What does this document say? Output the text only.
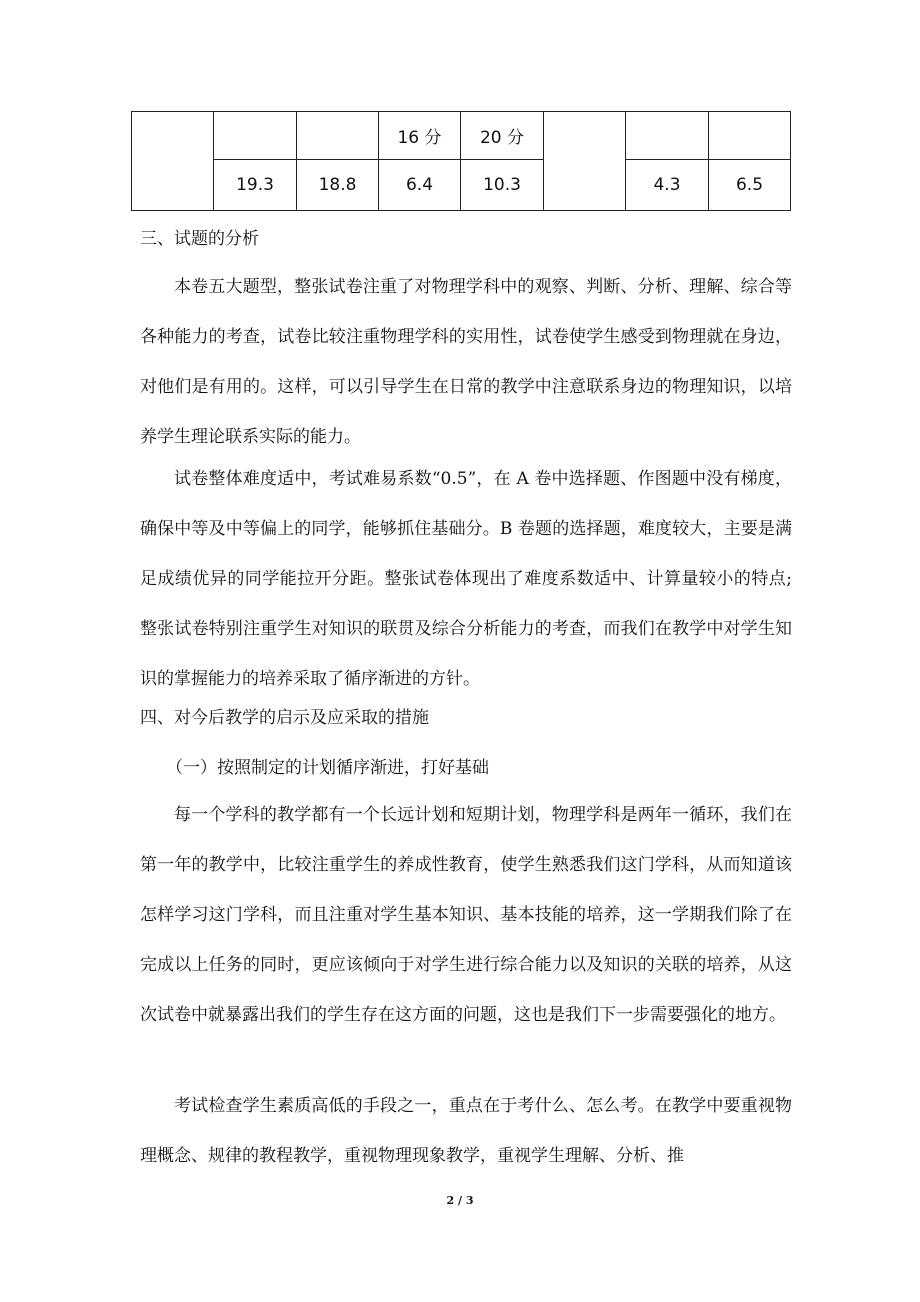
			16 分	20 分			
	19.3	18.8	6.4	10.3		4.3	6.5
三、试题的分析
本卷五大题型，整张试卷注重了对物理学科中的观察、判断、分析、理解、综合等各种能力的考查，试卷比较注重物理学科的实用性，试卷使学生感受到物理就在身边，对他们是有用的。这样，可以引导学生在日常的教学中注意联系身边的物理知识，以培养学生理论联系实际的能力。
试卷整体难度适中，考试难易系数“0.5”，在 A 卷中选择题、作图题中没有梯度，确保中等及中等偏上的同学，能够抓住基础分。B 卷题的选择题，难度较大，主要是满足成绩优异的同学能拉开分距。整张试卷体现出了难度系数适中、计算量较小的特点; 整张试卷特别注重学生对知识的联贯及综合分析能力的考查，而我们在教学中对学生知识的掌握能力的培养采取了循序渐进的方针。
四、对今后教学的启示及应采取的措施
（一）按照制定的计划循序渐进，打好基础
每一个学科的教学都有一个长远计划和短期计划，物理学科是两年一循环，我们在第一年的教学中，比较注重学生的养成性教育，使学生熟悉我们这门学科，从而知道该怎样学习这门学科，而且注重对学生基本知识、基本技能的培养，这一学期我们除了在完成以上任务的同时，更应该倾向于对学生进行综合能力以及知识的关联的培养，从这次试卷中就暴露出我们的学生存在这方面的问题，这也是我们下一步需要强化的地方。
考试检查学生素质高低的手段之一，重点在于考什么、怎么考。在教学中要重视物理概念、规律的教程教学，重视物理现象教学，重视学生理解、分析、推
2 / 3
